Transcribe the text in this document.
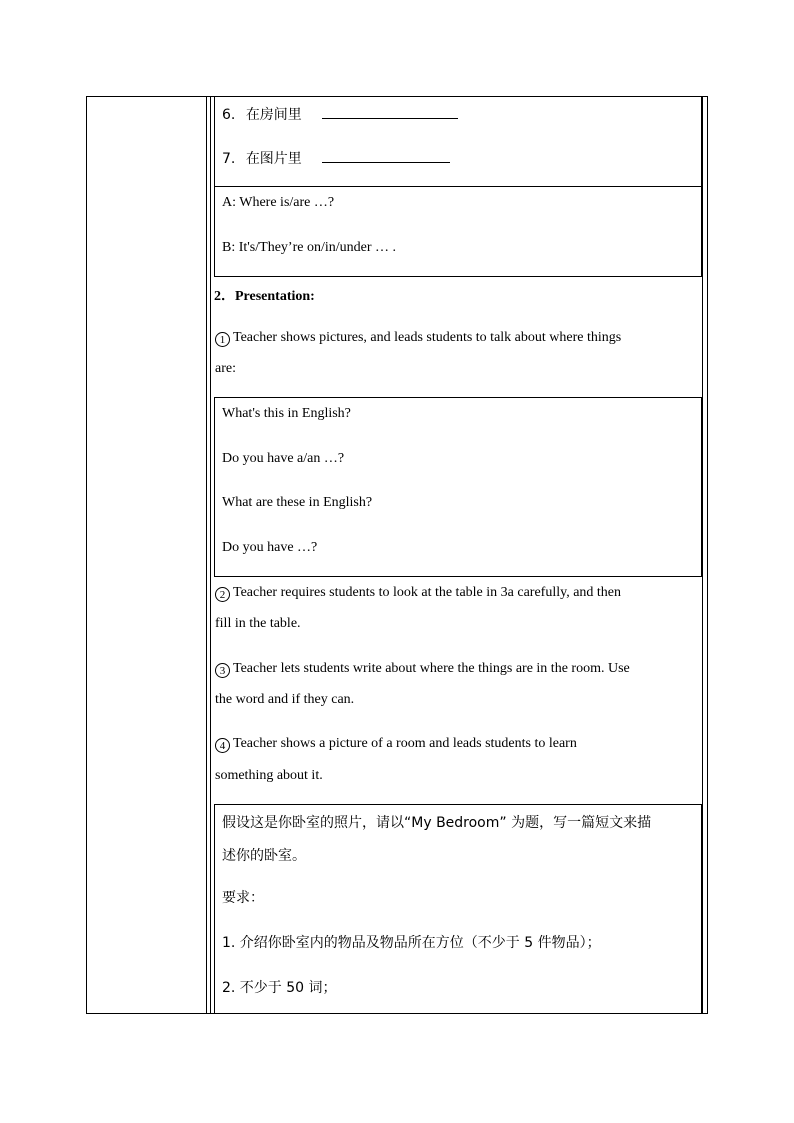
6. 在房间里
7. 在图片里
A: Where is/are …?
B: It's/They’re on/in/under … .
2．Presentation:
1 Teacher shows pictures, and leads students to talk about where things
are:
What's this in English?
Do you have a/an …?
What are these in English?
Do you have …?
2 Teacher requires students to look at the table in 3a carefully, and then
fill in the table.
3 Teacher lets students write about where the things are in the room. Use
the word and if they can.
4 Teacher shows a picture of a room and leads students to learn
something about it.
假设这是你卧室的照片，请以“My Bedroom” 为题，写一篇短文来描
述你的卧室。
要求：
1. 介绍你卧室内的物品及物品所在方位（不少于 5 件物品）；
2. 不少于 50 词；
